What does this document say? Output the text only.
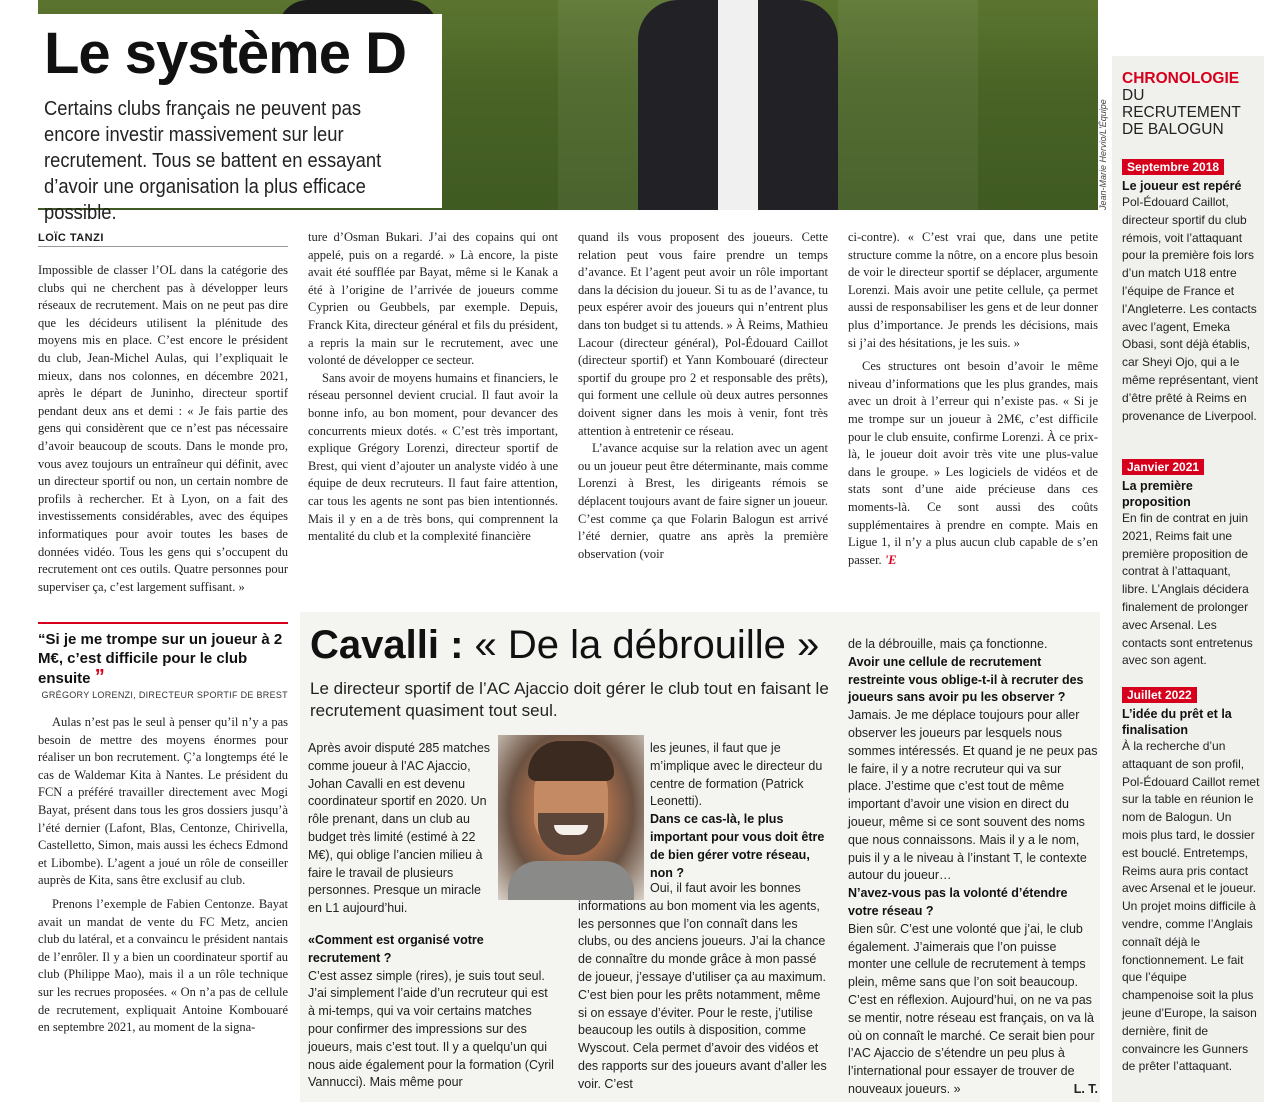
Jean-Marie Hervio/L'Équipe
Le système D
Certains clubs français ne peuvent pas encore investir massivement sur leur recrutement. Tous se battent en essayant d’avoir une organisation la plus efficace possible.
LOÏC TANZI

Impossible de classer l’OL dans la catégorie des clubs qui ne cherchent pas à développer leurs réseaux de recrutement. Mais on ne peut pas dire que les décideurs utilisent la plénitude des moyens mis en place. C’est encore le président du club, Jean-Michel Aulas, qui l’expliquait le mieux, dans nos colonnes, en décembre 2021, après le départ de Juninho, directeur sportif pendant deux ans et demi : « Je fais partie des gens qui considèrent que ce n’est pas nécessaire d’avoir beaucoup de scouts. Dans le monde pro, vous avez toujours un entraîneur qui définit, avec un directeur sportif ou non, un certain nombre de profils à rechercher. Et à Lyon, on a fait des investissements considérables, avec des équipes informatiques pour avoir toutes les bases de données vidéo. Tous les gens qui s’occupent du recrutement ont ces outils. Quatre personnes pour superviser ça, c’est largement suffisant. »

“Si je me trompe sur un joueur à 2 M€, c’est difficile pour le club ensuite ”
GRÉGORY LORENZI, DIRECTEUR SPORTIF DE BREST

Aulas n’est pas le seul à penser qu’il n’y a pas besoin de mettre des moyens énormes pour réaliser un bon recrutement. Ç’a longtemps été le cas de Waldemar Kita à Nantes. Le président du FCN a préféré travailler directement avec Mogi Bayat, présent dans tous les gros dossiers jusqu’à l’été dernier (Lafont, Blas, Centonze, Chirivella, Castelletto, Simon, mais aussi les échecs Edmond et Libombe). L’agent a joué un rôle de conseiller auprès de Kita, sans être exclusif au club.

Prenons l’exemple de Fabien Centonze. Bayat avait un mandat de vente du FC Metz, ancien club du latéral, et a convaincu le président nantais de l’enrôler. Il y a bien un coordinateur sportif au club (Philippe Mao), mais il a un rôle technique sur les recrues proposées. « On n’a pas de cellule de recrutement, expliquait Antoine Kombouaré en septembre 2021, au moment de la signa-

ture d’Osman Bukari. J’ai des copains qui ont appelé, puis on a regardé. » Là encore, la piste avait été soufflée par Bayat, même si le Kanak a été à l’origine de l’arrivée de joueurs comme Cyprien ou Geubbels, par exemple. Depuis, Franck Kita, directeur général et fils du président, a repris la main sur le recrutement, avec une volonté de développer ce secteur.

Sans avoir de moyens humains et financiers, le réseau personnel devient crucial. Il faut avoir la bonne info, au bon moment, pour devancer des concurrents mieux dotés. « C’est très important, explique Grégory Lorenzi, directeur sportif de Brest, qui vient d’ajouter un analyste vidéo à une équipe de deux recruteurs. Il faut faire attention, car tous les agents ne sont pas bien intentionnés. Mais il y en a de très bons, qui comprennent la mentalité du club et la complexité financière

quand ils vous proposent des joueurs. Cette relation peut vous faire prendre un temps d’avance. Et l’agent peut avoir un rôle important dans la décision du joueur. Si tu as de l’avance, tu peux espérer avoir des joueurs qui n’entrent plus dans ton budget si tu attends. » À Reims, Mathieu Lacour (directeur général), Pol-Édouard Caillot (directeur sportif) et Yann Kombouaré (directeur sportif du groupe pro 2 et responsable des prêts), qui forment une cellule où deux autres personnes doivent signer dans les mois à venir, font très attention à entretenir ce réseau.

L’avance acquise sur la relation avec un agent ou un joueur peut être déterminante, mais comme Lorenzi à Brest, les dirigeants rémois se déplacent toujours avant de faire signer un joueur. C’est comme ça que Folarin Balogun est arrivé l’été dernier, quatre ans après la première observation (voir

ci-contre). « C’est vrai que, dans une petite structure comme la nôtre, on a encore plus besoin de voir le directeur sportif se déplacer, argumente Lorenzi. Mais avoir une petite cellule, ça permet aussi de responsabiliser les gens et de leur donner plus d’importance. Je prends les décisions, mais si j’ai des hésitations, je les suis. »

Ces structures ont besoin d’avoir le même niveau d’informations que les plus grandes, mais avec un droit à l’erreur qui n’existe pas. « Si je me trompe sur un joueur à 2M€, c’est difficile pour le club ensuite, confirme Lorenzi. À ce prix-là, le joueur doit avoir très vite une plus-value dans le groupe. » Les logiciels de vidéos et de stats sont d’une aide précieuse dans ces moments-là. Ce sont aussi des coûts supplémentaires à prendre en compte. Mais en Ligue 1, il n’y a plus aucun club capable de s’en passer. 'E

Cavalli : « De la débrouille »
Le directeur sportif de l’AC Ajaccio doit gérer le club tout en faisant le recrutement quasiment tout seul.

Après avoir disputé 285 matches comme joueur à l’AC Ajaccio, Johan Cavalli en est devenu coordinateur sportif en 2020. Un rôle prenant, dans un club au budget très limité (estimé à 22 M€), qui oblige l’ancien milieu à faire le travail de plusieurs personnes. Presque un miracle en L1 aujourd’hui.

«Comment est organisé votre recrutement ?

C’est assez simple (rires), je suis tout seul. J’ai simplement l’aide d’un recruteur qui est à mi-temps, qui va voir certains matches pour confirmer des impressions sur des joueurs, mais c’est tout. Il y a quelqu’un qui nous aide également pour la formation (Cyril Vannucci). Mais même pour

les jeunes, il faut que je m’implique avec le directeur du centre de formation (Patrick Leonetti).

Dans ce cas-là, le plus important pour vous doit être de bien gérer votre réseau, non ?

Oui, il faut avoir les bonnes informations au bon moment via les agents, les personnes que l’on connaît dans les clubs, ou des anciens joueurs. J’ai la chance de connaître du monde grâce à mon passé de joueur, j’essaye d’utiliser ça au maximum. C’est bien pour les prêts notamment, même si on essaye d’éviter. Pour le reste, j’utilise beaucoup les outils à disposition, comme Wyscout. Cela permet d’avoir des vidéos et des rapports sur des joueurs avant d’aller les voir. C’est

de la débrouille, mais ça fonctionne.

Avoir une cellule de recrutement restreinte vous oblige-t-il à recruter des joueurs sans avoir pu les observer ?

Jamais. Je me déplace toujours pour aller observer les joueurs par lesquels nous sommes intéressés. Et quand je ne peux pas le faire, il y a notre recruteur qui va sur place. J’estime que c’est tout de même important d’avoir une vision en direct du joueur, même si ce sont souvent des noms que nous connaissons. Mais il y a le nom, puis il y a le niveau à l’instant T, le contexte autour du joueur…

N’avez-vous pas la volonté d’étendre votre réseau ?

Bien sûr. C’est une volonté que j’ai, le club également. J’aimerais que l’on puisse monter une cellule de recrutement à temps plein, même sans que l’on soit beaucoup. C’est en réflexion. Aujourd’hui, on ne va pas se mentir, notre réseau est français, on va là où on connaît le marché. Ce serait bien pour l’AC Ajaccio de s’étendre un peu plus à l’international pour essayer de trouver de nouveaux joueurs. »	L. T.

CHRONOLOGIE
DU RECRUTEMENT DE BALOGUN
Septembre 2018
Le joueur est repéré
Pol-Édouard Caillot, directeur sportif du club rémois, voit l’attaquant pour la première fois lors d’un match U18 entre l’équipe de France et l’Angleterre. Les contacts avec l’agent, Emeka Obasi, sont déjà établis, car Sheyi Ojo, qui a le même représentant, vient d’être prêté à Reims en provenance de Liverpool.
Janvier 2021
La première proposition
En fin de contrat en juin 2021, Reims fait une première proposition de contrat à l’attaquant, libre. L’Anglais décidera finalement de prolonger avec Arsenal. Les contacts sont entretenus avec son agent.
Juillet 2022
L’idée du prêt et la finalisation
À la recherche d’un attaquant de son profil, Pol-Édouard Caillot remet sur la table en réunion le nom de Balogun. Un mois plus tard, le dossier est bouclé. Entretemps, Reims aura pris contact avec Arsenal et le joueur. Un projet moins difficile à vendre, comme l’Anglais connaît déjà le fonctionnement. Le fait que l’équipe champenoise soit la plus jeune d’Europe, la saison dernière, finit de convaincre les Gunners de prêter l’attaquant.
